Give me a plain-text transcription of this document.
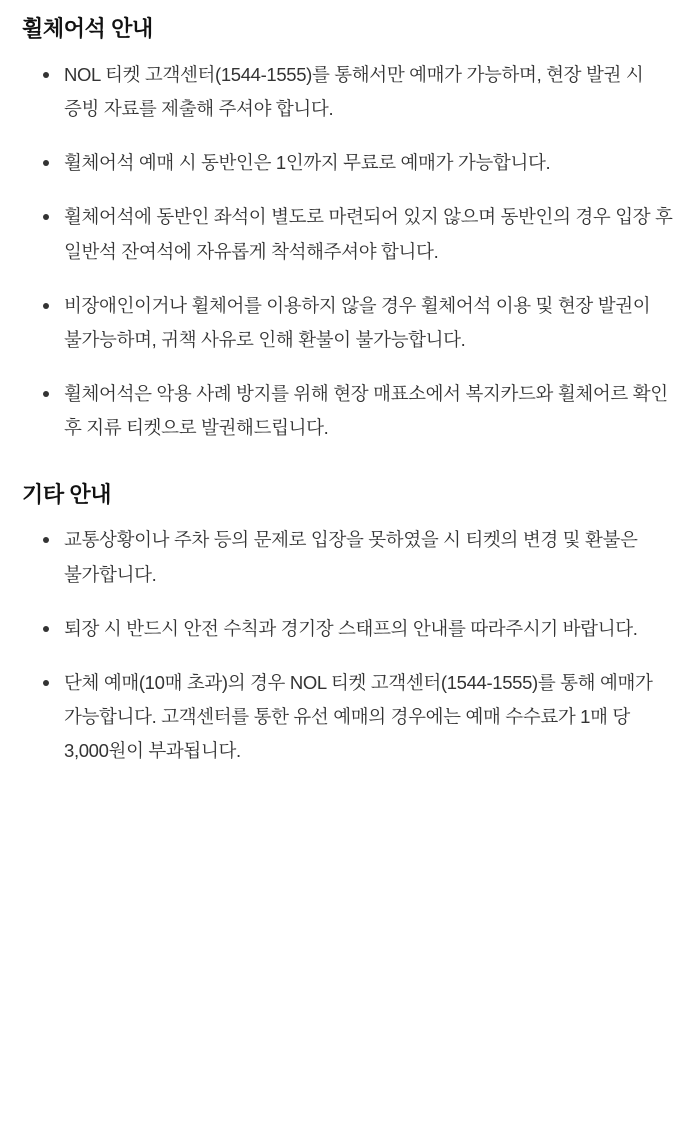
휠체어석 안내
NOL 티켓 고객센터(1544-1555)를 통해서만 예매가 가능하며, 현장 발권 시 증빙 자료를 제출해 주셔야 합니다.
휠체어석 예매 시 동반인은 1인까지 무료로 예매가 가능합니다.
휠체어석에 동반인 좌석이 별도로 마련되어 있지 않으며 동반인의 경우 입장 후 일반석 잔여석에 자유롭게 착석해주셔야 합니다.
비장애인이거나 휠체어를 이용하지 않을 경우 휠체어석 이용 및 현장 발권이 불가능하며, 귀책 사유로 인해 환불이 불가능합니다.
휠체어석은 악용 사례 방지를 위해 현장 매표소에서 복지카드와 휠체어르 확인 후 지류 티켓으로 발권해드립니다.
기타 안내
교통상황이나 주차 등의 문제로 입장을 못하였을 시 티켓의 변경 및 환불은 불가합니다.
퇴장 시 반드시 안전 수칙과 경기장 스태프의 안내를 따라주시기 바랍니다.
단체 예매(10매 초과)의 경우 NOL 티켓 고객센터(1544-1555)를 통해 예매가 가능합니다. 고객센터를 통한 유선 예매의 경우에는 예매 수수료가 1매 당 3,000원이 부과됩니다.
